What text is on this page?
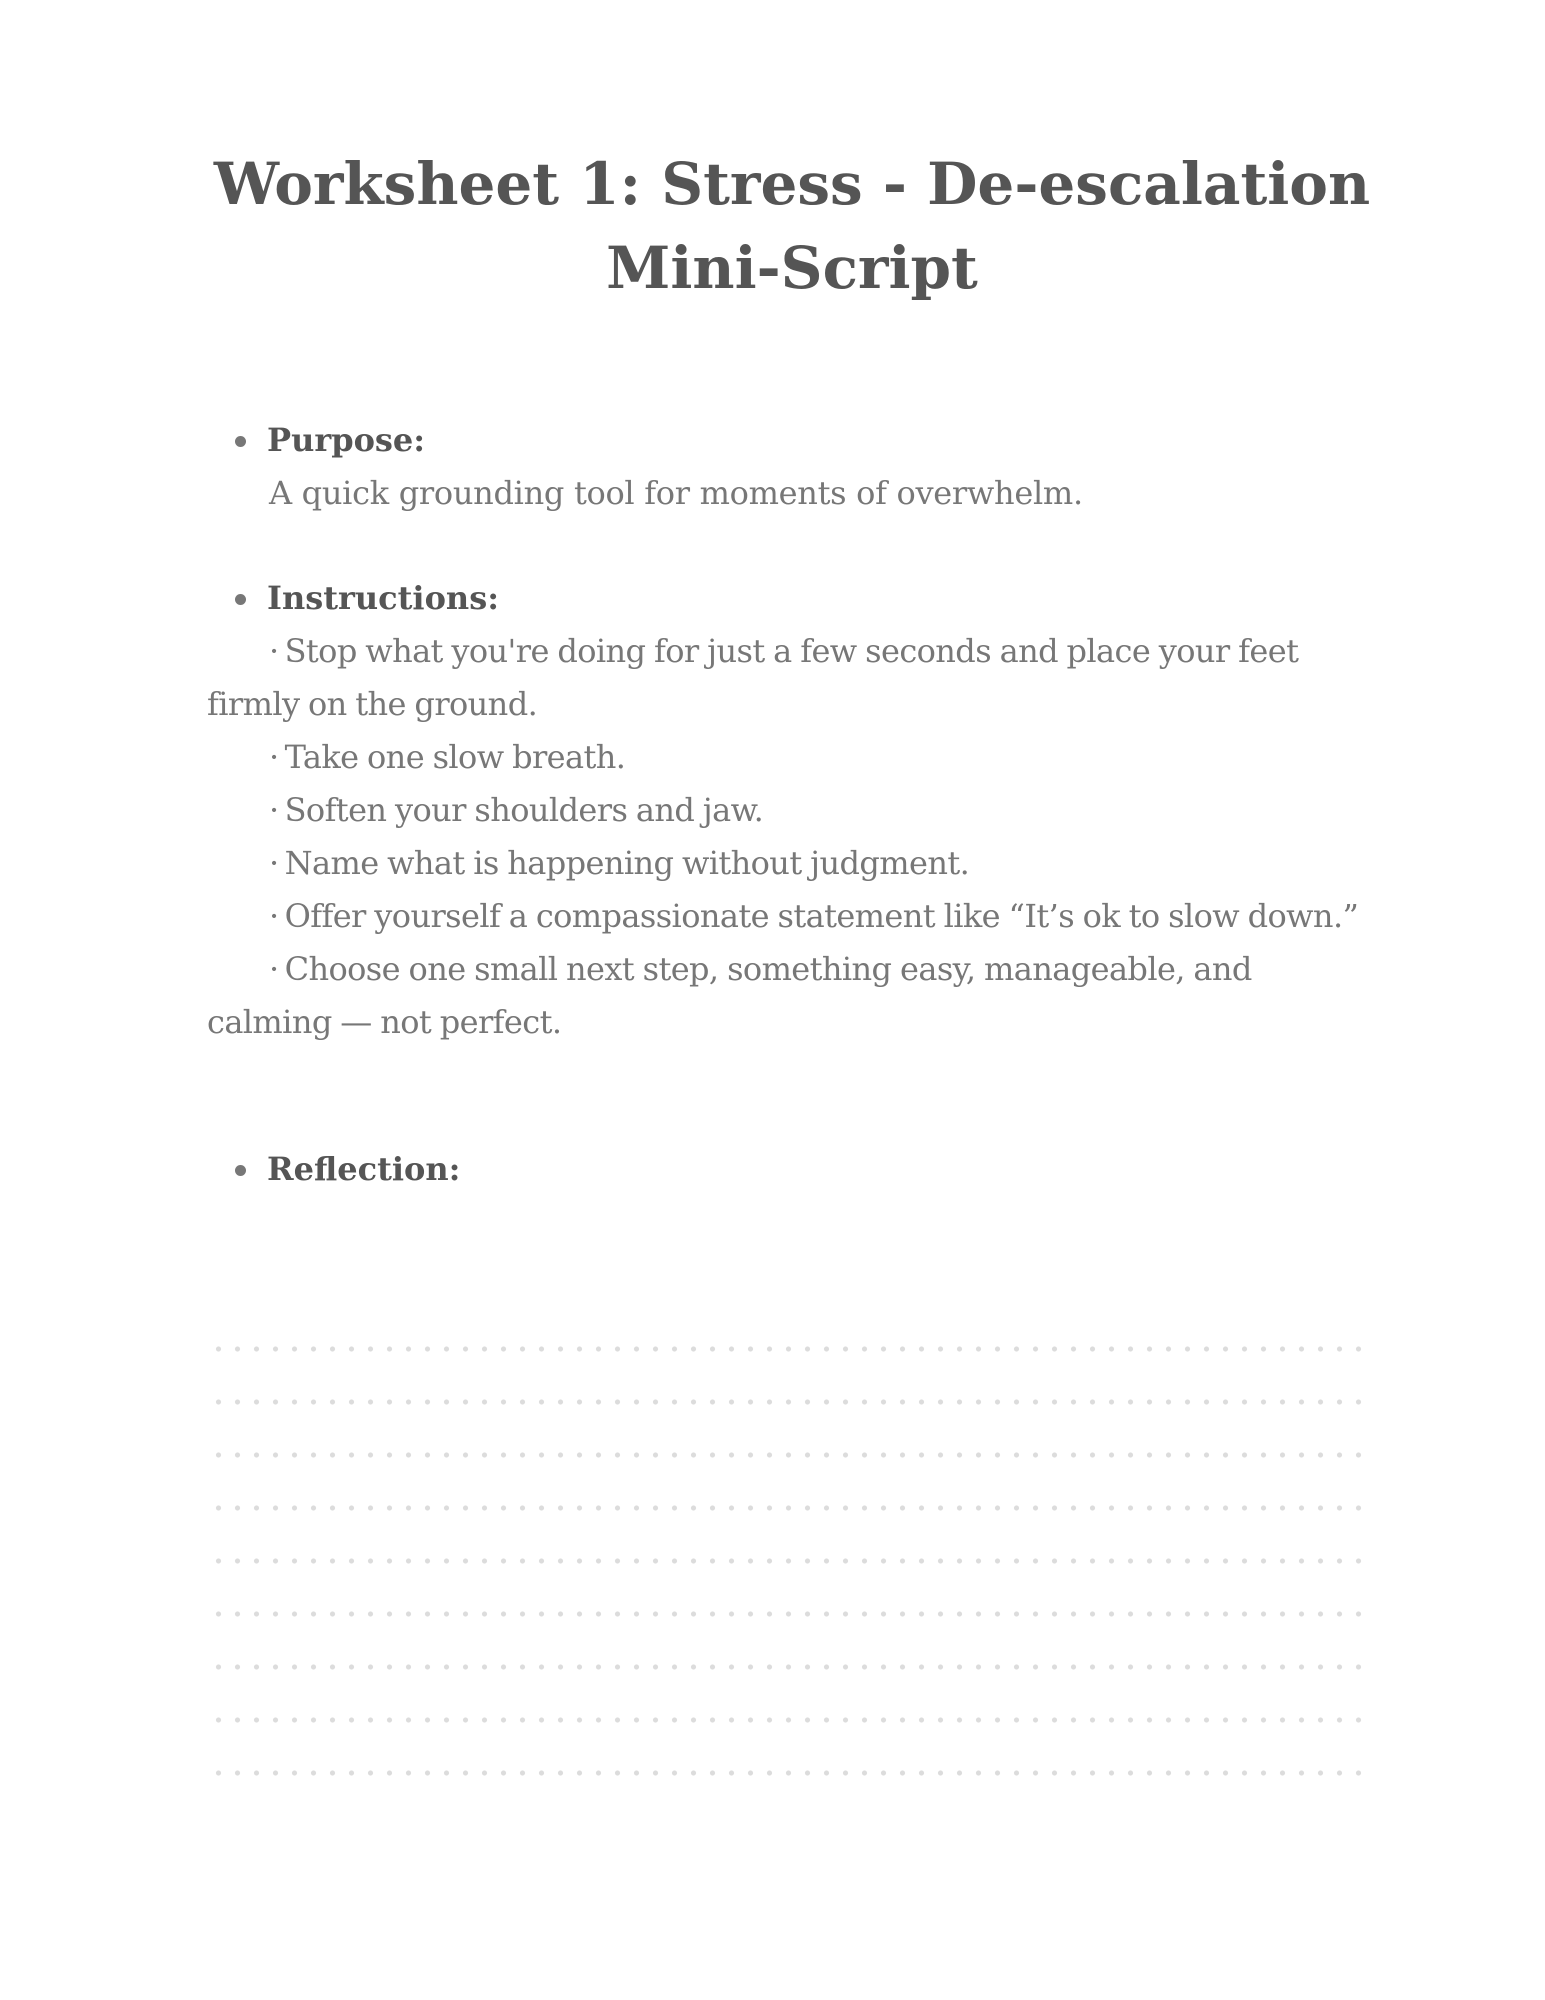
Worksheet 1: Stress - De-escalation Mini-Script
Purpose:

A quick grounding tool for moments of overwhelm.

Instructions:

· Stop what you're doing for just a few seconds and place your feet firmly on the ground.

· Take one slow breath.

· Soften your shoulders and jaw.

· Name what is happening without judgment.

· Offer yourself a compassionate statement like “It’s ok to slow down.”

· Choose one small next step, something easy, manageable, and calming — not perfect.

Reflection:
